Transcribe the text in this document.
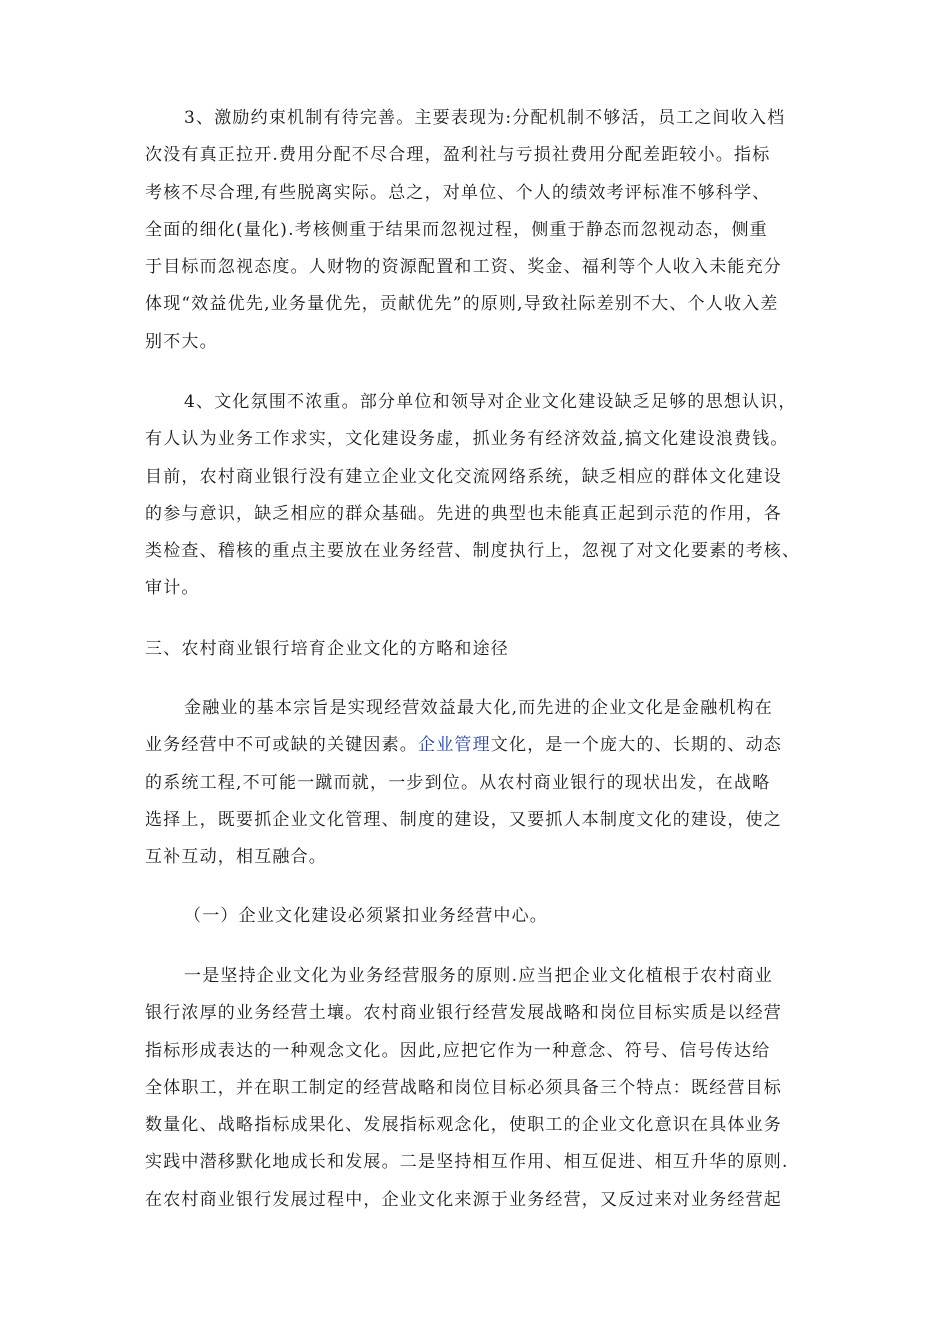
3、激励约束机制有待完善。主要表现为:分配机制不够活，员工之间收入档
次没有真正拉开.费用分配不尽合理，盈利社与亏损社费用分配差距较小。指标
考核不尽合理,有些脱离实际。总之，对单位、个人的绩效考评标准不够科学、
全面的细化(量化).考核侧重于结果而忽视过程，侧重于静态而忽视动态，侧重
于目标而忽视态度。人财物的资源配置和工资、奖金、福利等个人收入未能充分
体现“效益优先,业务量优先，贡献优先”的原则,导致社际差别不大、个人收入差
别不大。
4、文化氛围不浓重。部分单位和领导对企业文化建设缺乏足够的思想认识，
有人认为业务工作求实，文化建设务虚，抓业务有经济效益,搞文化建设浪费钱。
目前，农村商业银行没有建立企业文化交流网络系统，缺乏相应的群体文化建设
的参与意识，缺乏相应的群众基础。先进的典型也未能真正起到示范的作用，各
类检查、稽核的重点主要放在业务经营、制度执行上，忽视了对文化要素的考核、
审计。
三、农村商业银行培育企业文化的方略和途径
金融业的基本宗旨是实现经营效益最大化,而先进的企业文化是金融机构在
业务经营中不可或缺的关键因素。企业管理文化，是一个庞大的、长期的、动态
的系统工程,不可能一蹴而就，一步到位。从农村商业银行的现状出发，在战略
选择上，既要抓企业文化管理、制度的建设，又要抓人本制度文化的建设，使之
互补互动，相互融合。
（一）企业文化建设必须紧扣业务经营中心。
一是坚持企业文化为业务经营服务的原则.应当把企业文化植根于农村商业
银行浓厚的业务经营土壤。农村商业银行经营发展战略和岗位目标实质是以经营
指标形成表达的一种观念文化。因此,应把它作为一种意念、符号、信号传达给
全体职工，并在职工制定的经营战略和岗位目标必须具备三个特点：既经营目标
数量化、战略指标成果化、发展指标观念化，使职工的企业文化意识在具体业务
实践中潜移默化地成长和发展。二是坚持相互作用、相互促进、相互升华的原则.
在农村商业银行发展过程中，企业文化来源于业务经营，又反过来对业务经营起
